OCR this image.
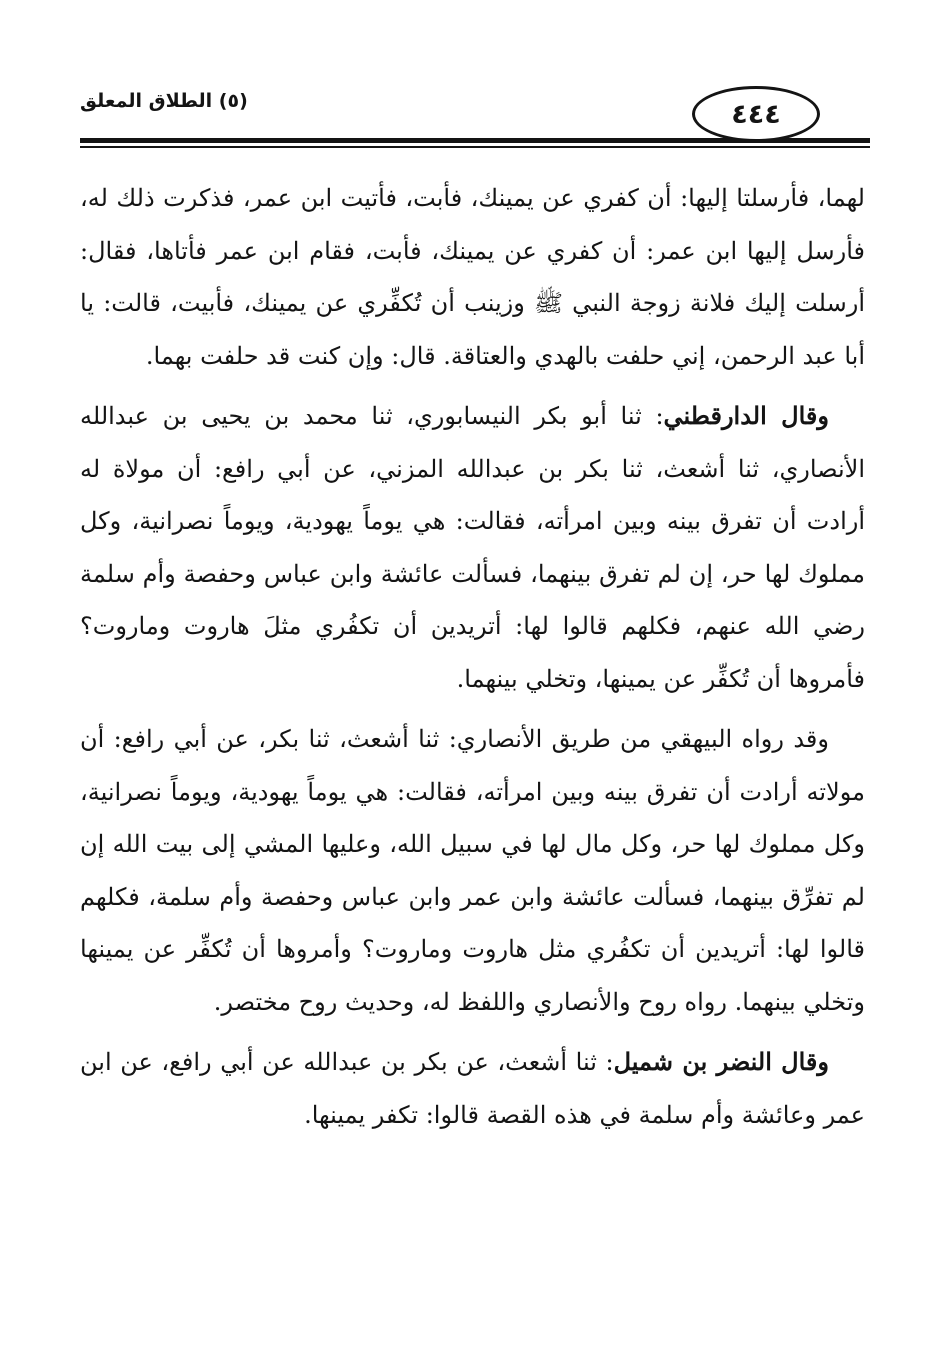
٤٤٤
(٥) الطلاق المعلق

لهما، فأرسلتا إليها: أن كفري عن يمينك، فأبت، فأتيت ابن عمر، فذكرت ذلك له، فأرسل إليها ابن عمر: أن كفري عن يمينك، فأبت، فقام ابن عمر فأتاها، فقال: أرسلت إليك فلانة زوجة النبي ﷺ وزينب أن تُكفِّري عن يمينك، فأبيت، قالت: يا أبا عبد الرحمن، إني حلفت بالهدي والعتاقة. قال: وإن كنت قد حلفت بهما.

وقال الدارقطني: ثنا أبو بكر النيسابوري، ثنا محمد بن يحيى بن عبدالله الأنصاري، ثنا أشعث، ثنا بكر بن عبدالله المزني، عن أبي رافع: أن مولاة له أرادت أن تفرق بينه وبين امرأته، فقالت: هي يوماً يهودية، ويوماً نصرانية، وكل مملوك لها حر، إن لم تفرق بينهما، فسألت عائشة وابن عباس وحفصة وأم سلمة رضي الله عنهم، فكلهم قالوا لها: أتريدين أن تكفُري مثلَ هاروت وماروت؟ فأمروها أن تُكفِّر عن يمينها، وتخلي بينهما.

وقد رواه البيهقي من طريق الأنصاري: ثنا أشعث، ثنا بكر، عن أبي رافع: أن مولاته أرادت أن تفرق بينه وبين امرأته، فقالت: هي يوماً يهودية، ويوماً نصرانية، وكل مملوك لها حر، وكل مال لها في سبيل الله، وعليها المشي إلى بيت الله إن لم تفرِّق بينهما، فسألت عائشة وابن عمر وابن عباس وحفصة وأم سلمة، فكلهم قالوا لها: أتريدين أن تكفُري مثل هاروت وماروت؟ وأمروها أن تُكفِّر عن يمينها وتخلي بينهما. رواه روح والأنصاري واللفظ له، وحديث روح مختصر.

وقال النضر بن شميل: ثنا أشعث، عن بكر بن عبدالله عن أبي رافع، عن ابن عمر وعائشة وأم سلمة في هذه القصة قالوا: تكفر يمينها.
